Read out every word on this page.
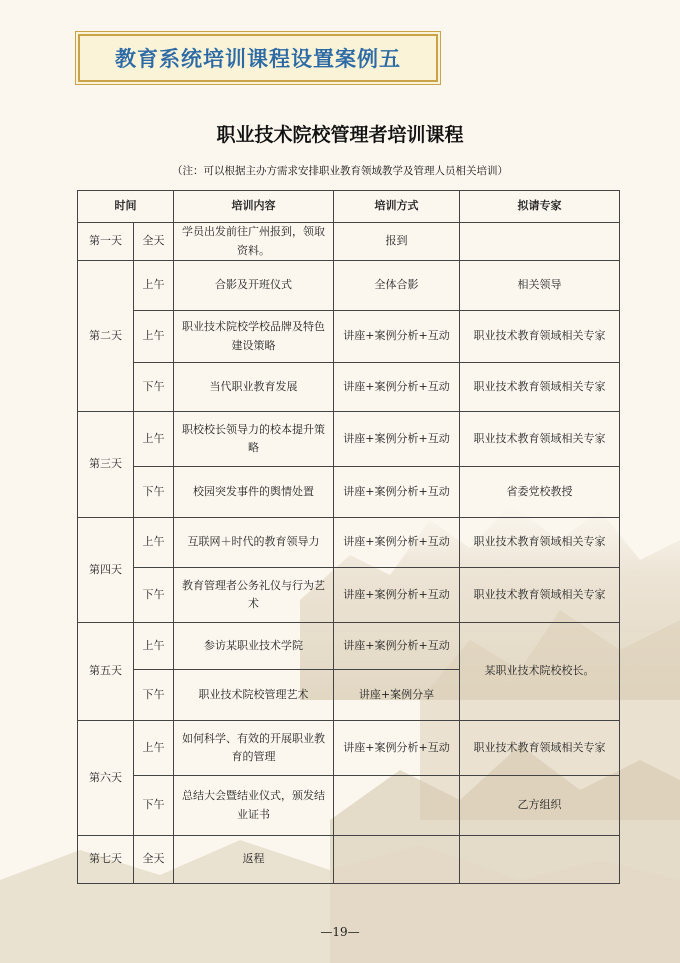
教育系统培训课程设置案例五
职业技术院校管理者培训课程
（注：可以根据主办方需求安排职业教育领域教学及管理人员相关培训）
时间		培训内容	培训方式	拟请专家
第一天	全天	学员出发前往广州报到，领取资料。	报到	
第二天	上午	合影及开班仪式	全体合影	相关领导
	上午	职业技术院校学校品牌及特色建设策略	讲座+案例分析+互动	职业技术教育领域相关专家
	下午	当代职业教育发展	讲座+案例分析+互动	职业技术教育领域相关专家
第三天	上午	职校校长领导力的校本提升策略	讲座+案例分析+互动	职业技术教育领域相关专家
	下午	校园突发事件的舆情处置	讲座+案例分析+互动	省委党校教授
第四天	上午	互联网＋时代的教育领导力	讲座+案例分析+互动	职业技术教育领域相关专家
	下午	教育管理者公务礼仪与行为艺术	讲座+案例分析+互动	职业技术教育领域相关专家
第五天	上午	参访某职业技术学院	讲座+案例分析+互动	某职业技术院校校长。
	下午	职业技术院校管理艺术	讲座+案例分享	
第六天	上午	如何科学、有效的开展职业教育的管理	讲座+案例分析+互动	职业技术教育领域相关专家
	下午	总结大会暨结业仪式，颁发结业证书		乙方组织
第七天	全天	返程		
—19—
